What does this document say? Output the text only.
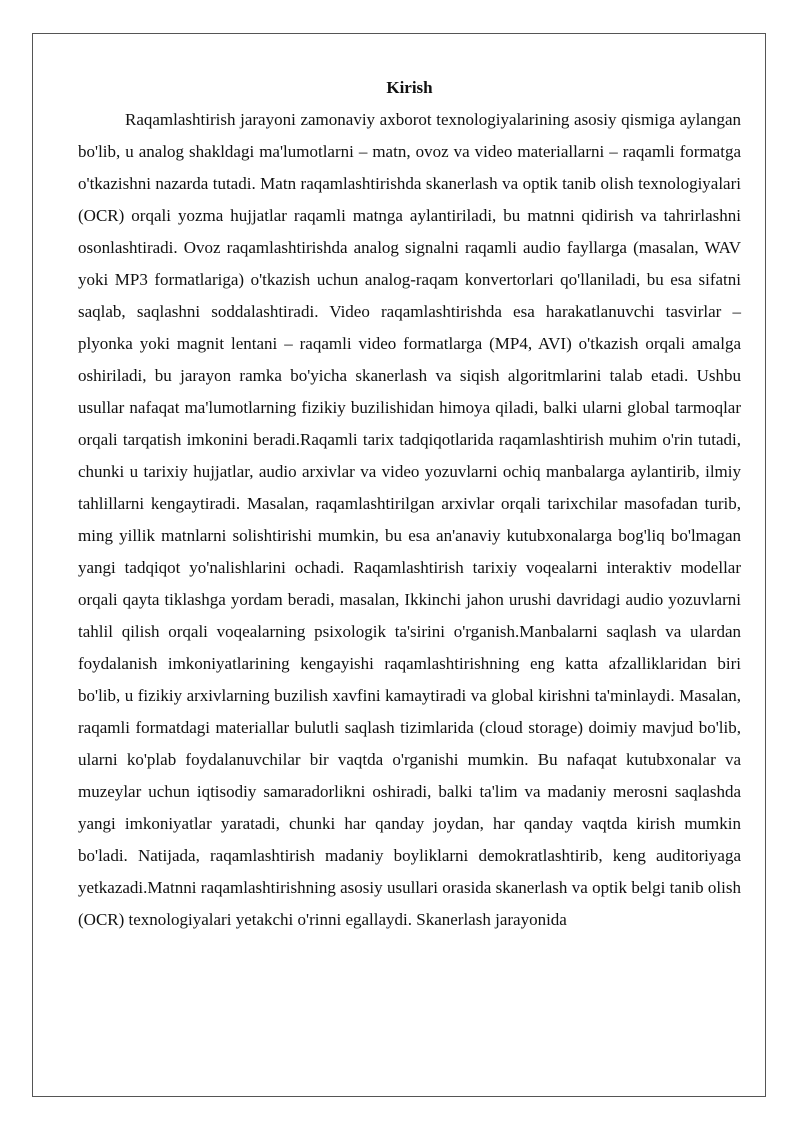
Kirish

Raqamlashtirish jarayoni zamonaviy axborot texnologiyalarining asosiy qismiga aylangan bo'lib, u analog shakldagi ma'lumotlarni – matn, ovoz va video materiallarni – raqamli formatga o'tkazishni nazarda tutadi. Matn raqamlashtirishda skanerlash va optik tanib olish texnologiyalari (OCR) orqali yozma hujjatlar raqamli matnga aylantiriladi, bu matnni qidirish va tahrirlashni osonlashtiradi. Ovoz raqamlashtirishda analog signalni raqamli audio fayllarga (masalan, WAV yoki MP3 formatlariga) o'tkazish uchun analog-raqam konvertorlari qo'llaniladi, bu esa sifatni saqlab, saqlashni soddalashtiradi. Video raqamlashtirishda esa harakatlanuvchi tasvirlar – plyonka yoki magnit lentani – raqamli video formatlarga (MP4, AVI) o'tkazish orqali amalga oshiriladi, bu jarayon ramka bo'yicha skanerlash va siqish algoritmlarini talab etadi. Ushbu usullar nafaqat ma'lumotlarning fizikiy buzilishidan himoya qiladi, balki ularni global tarmoqlar orqali tarqatish imkonini beradi.Raqamli tarix tadqiqotlarida raqamlashtirish muhim o'rin tutadi, chunki u tarixiy hujjatlar, audio arxivlar va video yozuvlarni ochiq manbalarga aylantirib, ilmiy tahlillarni kengaytiradi. Masalan, raqamlashtirilgan arxivlar orqali tarixchilar masofadan turib, ming yillik matnlarni solishtirishi mumkin, bu esa an'anaviy kutubxonalarga bog'liq bo'lmagan yangi tadqiqot yo'nalishlarini ochadi. Raqamlashtirish tarixiy voqealarni interaktiv modellar orqali qayta tiklashga yordam beradi, masalan, Ikkinchi jahon urushi davridagi audio yozuvlarni tahlil qilish orqali voqealarning psixologik ta'sirini o'rganish.Manbalarni saqlash va ulardan foydalanish imkoniyatlarining kengayishi raqamlashtirishning eng katta afzalliklaridan biri bo'lib, u fizikiy arxivlarning buzilish xavfini kamaytiradi va global kirishni ta'minlaydi. Masalan, raqamli formatdagi materiallar bulutli saqlash tizimlarida (cloud storage) doimiy mavjud bo'lib, ularni ko'plab foydalanuvchilar bir vaqtda o'rganishi mumkin. Bu nafaqat kutubxonalar va muzeylar uchun iqtisodiy samaradorlikni oshiradi, balki ta'lim va madaniy merosni saqlashda yangi imkoniyatlar yaratadi, chunki har qanday joydan, har qanday vaqtda kirish mumkin bo'ladi. Natijada, raqamlashtirish madaniy boyliklarni demokratlashtirib, keng auditoriyaga yetkazadi.Matnni raqamlashtirishning asosiy usullari orasida skanerlash va optik belgi tanib olish (OCR) texnologiyalari yetakchi o'rinni egallaydi. Skanerlash jarayonida
